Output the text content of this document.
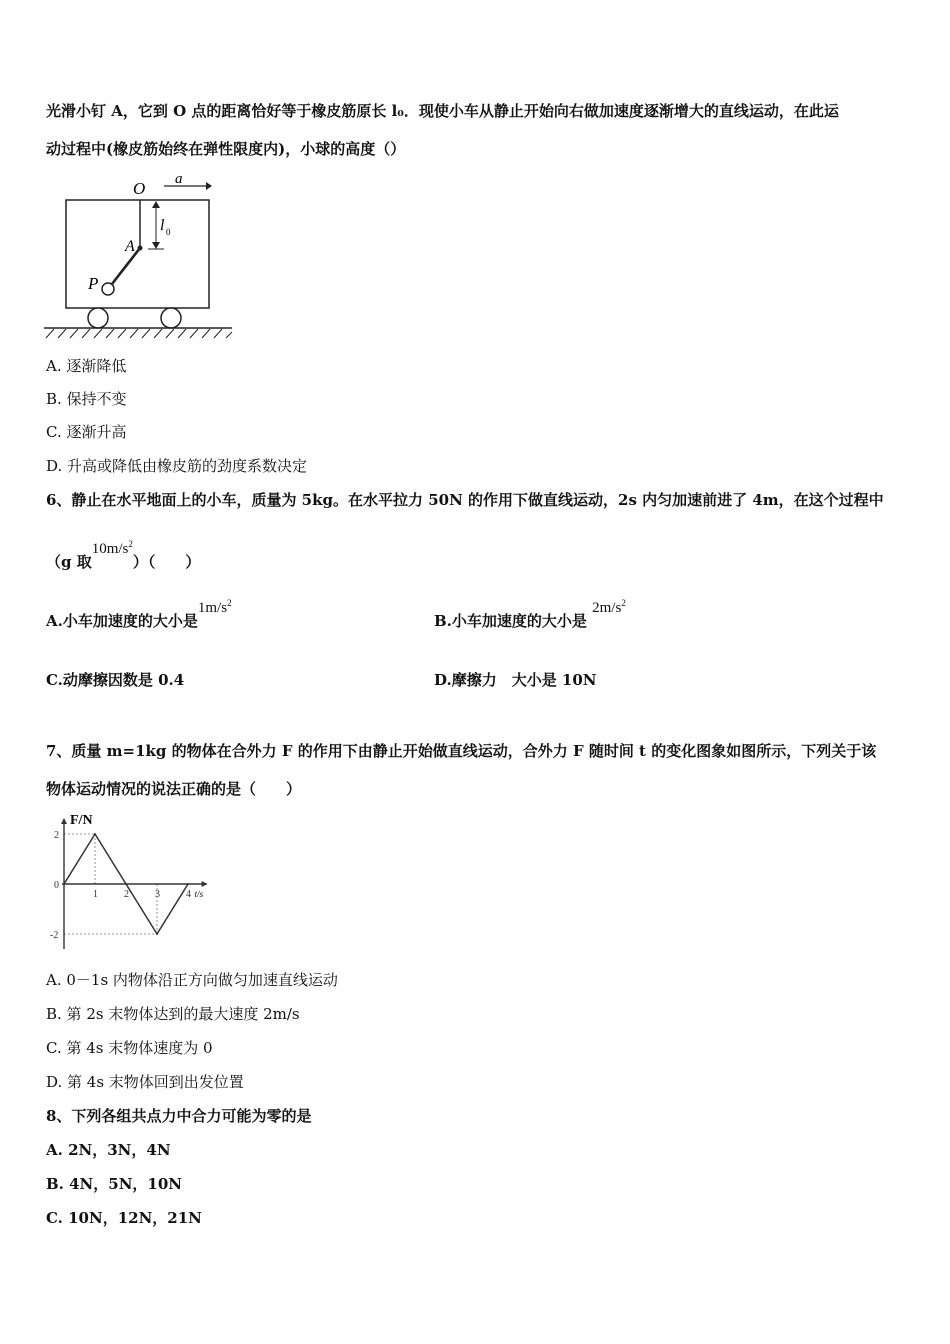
光滑小钉 A，它到 O 点的距离恰好等于橡皮筋原长 l₀．现使小车从静止开始向右做加速度逐渐增大的直线运动，在此运
动过程中(橡皮筋始终在弹性限度内)，小球的高度（）
a
O
l 0
A
P
A. 逐渐降低
B. 保持不变
C. 逐渐升高
D. 升高或降低由橡皮筋的劲度系数决定
6、静止在水平地面上的小车，质量为 5kg。在水平拉力 50N 的作用下做直线运动，2s 内匀加速前进了 4m，在这个过程中
（g 取$10m/s^2$）（　　）
A.小车加速度的大小是$1m/s^2$
B.小车加速度的大小是 $2m/s^2$
C.动摩擦因数是 0.4	D.摩擦力　大小是 10N
7、质量 m=1kg 的物体在合外力 F 的作用下由静止开始做直线运动，合外力 F 随时间 t 的变化图象如图所示，下列关于该
物体运动情况的说法正确的是（　　）
1	2	3	4
2
0
-2
F/N
t/s
A. 0－1s 内物体沿正方向做匀加速直线运动
B. 第 2s 末物体达到的最大速度 2m/s
C. 第 4s 末物体速度为 0
D. 第 4s 末物体回到出发位置
8、下列各组共点力中合力可能为零的是
A. 2N，3N，4N
B. 4N，5N，10N
C. 10N，12N，21N
